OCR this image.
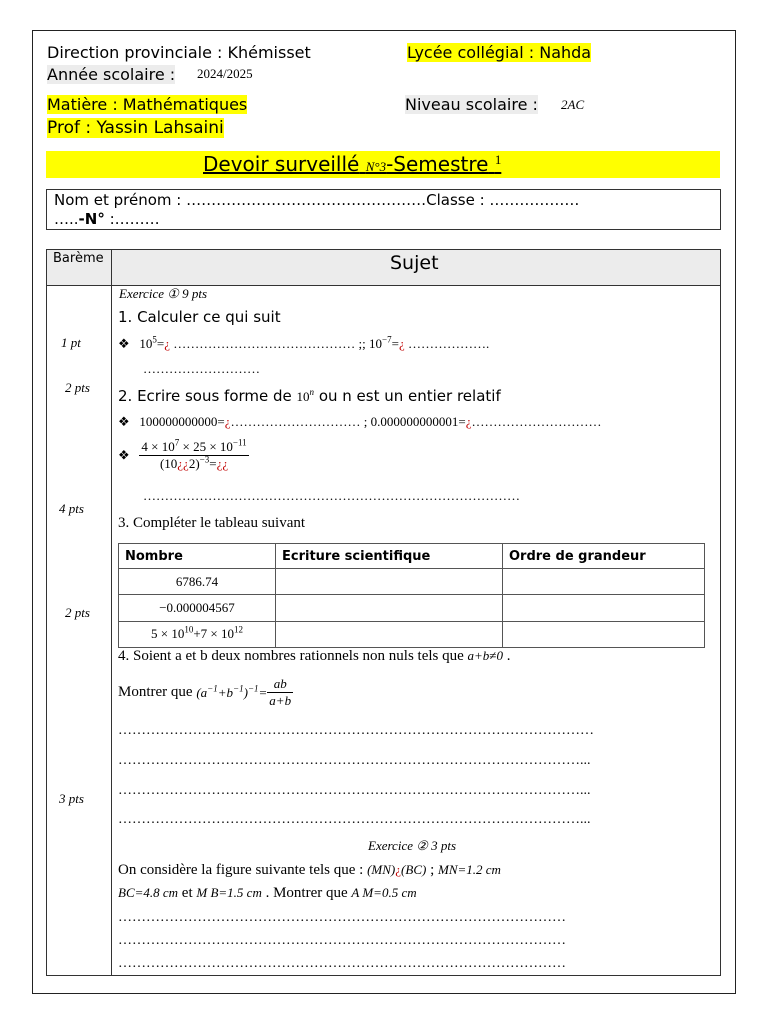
Direction provinciale : Khémisset	Lycée collégial : Nahda
Année scolaire : 2024/2025
Matière : Mathématiques	Niveau scolaire : 2AC
Prof : Yassin Lahsaini
Devoir surveillé N°3-Semestre $^1$
Nom et prénom : …………………………………………Classe : ………………
…..-N° :………
Barème	Sujet
1 pt
2 pts
4 pts
2 pts
3 pts
Exercice ① 9 pts
1. Calculer ce qui suit
❖ $10^5=¿$ …………………………………… ;; $10^{-7}=¿$ ……………….
………………………
2. Ecrire sous forme de 10$^n$ ou n est un entier relatif
❖ 100000000000=¿………………………… ; 0.000000000001=¿…………………………
❖ $\frac{4 \times 10^7 \times 25 \times 10^{-11}}{(10¿¿2)^{-3}=¿¿}$
……………………………………………………………………………
3. Compléter le tableau suivant
Nombre	Ecriture scientifique	Ordre de grandeur
6786.74		
−0.000004567		
$5 \times 10^{10}+7 \times 10^{12}$		
4. Soient a et b deux nombres rationnels non nuls tels que a+b≠0 .
Montrer que $(a^{-1}+b^{-1})^{-1}= \frac{ab}{a+b}$
…………………………………………………………………………………………
………………………………………………………………………………………...
………………………………………………………………………………………...
………………………………………………………………………………………...
Exercice ② 3 pts
On considère la figure suivante tels que : (MN)¿(BC) ; MN=1.2 cm
BC=4.8 cm et M B=1.5 cm . Montrer que A M=0.5 cm
……………………………………………………………………………………
……………………………………………………………………………………
……………………………………………………………………………………
